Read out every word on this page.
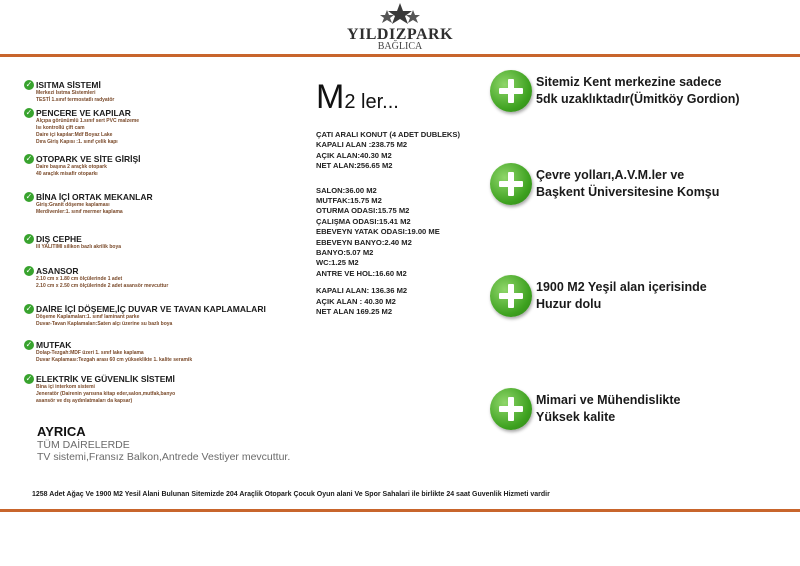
YILDIZPARK
BAĞLICA
✓ ISITMA SİSTEMİ
Merkezi Isıtma Sistemleri
TESTİ 1.sınıf termostatlı radyatör
✓ PENCERE VE KAPILAR
Alçıpa görünümlü 1.sınıf sert PVC malzeme
Isı kontrollü çift cam
Daire içi kapılar:Mdf Boyaz Lake
Dıra Giriş Kapısı :1. sınıf çelik kapı
✓ OTOPARK VE SİTE GİRİŞİ
Daire başına 2 araçlık otopark
40 araçlık misafir otoparkı
✓ BİNA İÇİ ORTAK MEKANLAR
Giriş:Granit döşeme kaplaması
Merdivenler:1. sınıf mermer kaplama
✓ DIŞ CEPHE
Ill YALITIMI silikon bazlı akrilik boya
✓ ASANSOR
2.10 cm x 1.80 cm ölçülerinde 1 adet
2.10 cm x 2.50 cm ölçülerinde 2 adet asansör mevcuttur
✓ DAİRE İÇİ DÖŞEME,İÇ DUVAR VE TAVAN KAPLAMALARI
Döşeme Kaplamaları:1. sınıf laminant parke
Duvar-Tavan Kaplamaları:Saten alçı üzerine su bazlı boya
✓ MUTFAK
Dolap-Tezgah:MDF üzeri 1. sınıf lake kaplama
Duvar Kaplaması:Tezgah arası 60 cm yükseklikte 1. kalite seramik
✓ ELEKTRİK VE GÜVENLİK SİSTEMİ
Bina içi interkom sistemi
Jeneratör (Dairenin yarısına kitap eder,salon,mutfak,banyo
asansör ve dış aydınlatmaları da kapsar)
AYRICA
TÜM DAİRELERDE
TV sistemi,Fransız Balkon,Antrede Vestiyer mevcuttur.
M2 ler...
ÇATI ARALI KONUT (4 ADET DUBLEKS)
KAPALI ALAN :238.75 M2
AÇIK ALAN:40.30 M2
NET ALAN:256.65 M2
SALON:36.00 M2
MUTFAK:15.75 M2
OTURMA ODASI:15.75 M2
ÇALIŞMA ODASI:15.41 M2
EBEVEYN YATAK ODASI:19.00 ME
EBEVEYN BANYO:2.40 M2
BANYO:5.07 M2
WC:1.25 M2
ANTRE VE HOL:16.60 M2
KAPALI ALAN: 136.36 M2
AÇIK ALAN : 40.30 M2
NET ALAN 169.25 M2
Sitemiz Kent merkezine sadece
5dk uzaklıktadır(Ümitköy Gordion)
Çevre yolları,A.V.M.ler ve
Başkent Üniversitesine Komşu
1900 M2 Yeşil alan içerisinde
Huzur dolu
Mimari ve Mühendislikte
Yüksek kalite
1258 Adet Ağaç Ve 1900 M2 Yesil Alani Bulunan Sitemizde 204 Araçlik Otopark Çocuk Oyun alani Ve Spor Sahalari ile birlikte 24 saat Guvenlik Hizmeti vardir
